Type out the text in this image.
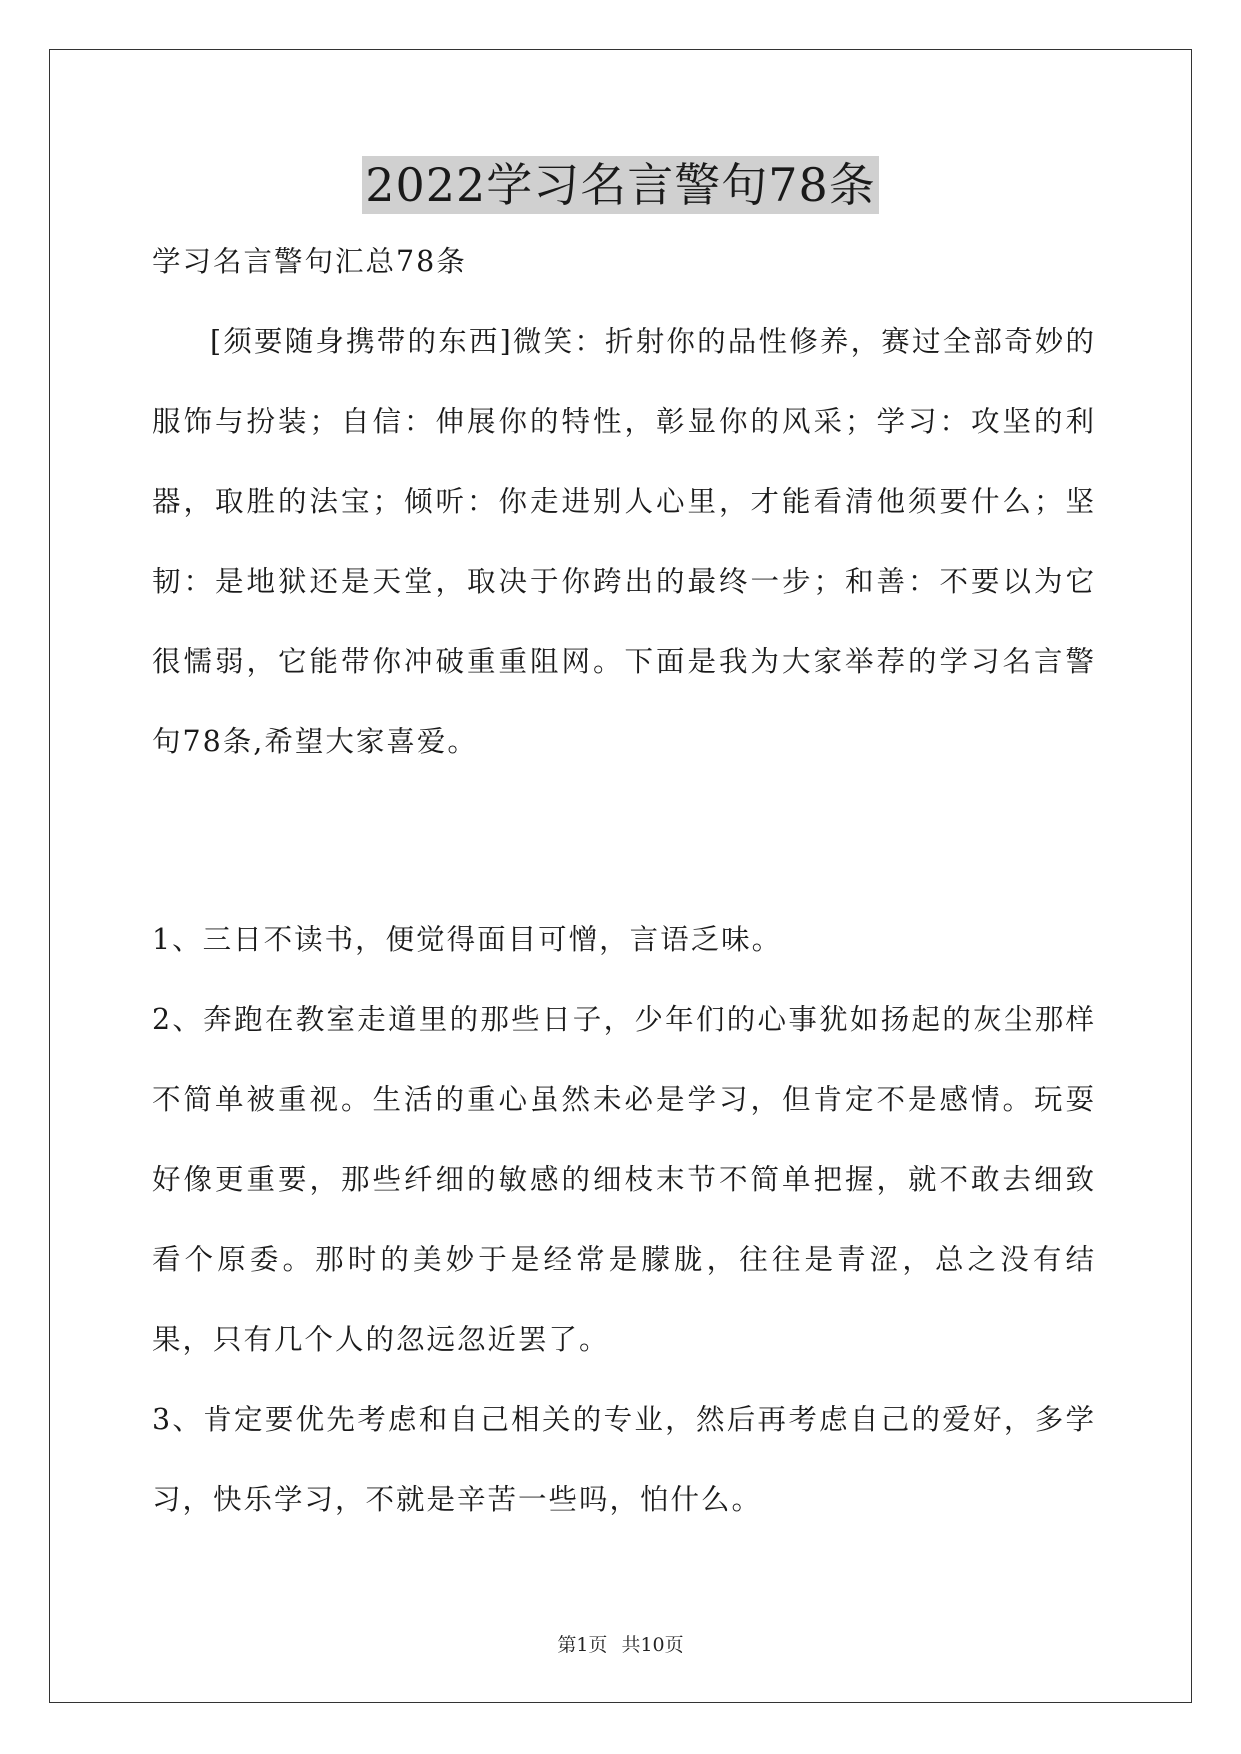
2022学习名言警句78条
学习名言警句汇总78条

[须要随身携带的东西]微笑：折射你的品性修养，赛过全部奇妙的服饰与扮装；自信：伸展你的特性，彰显你的风采；学习：攻坚的利器，取胜的法宝；倾听：你走进别人心里，才能看清他须要什么；坚韧：是地狱还是天堂，取决于你跨出的最终一步；和善：不要以为它很懦弱，它能带你冲破重重阻网。下面是我为大家举荐的学习名言警句78条,希望大家喜爱。

1、三日不读书，便觉得面目可憎，言语乏味。

2、奔跑在教室走道里的那些日子，少年们的心事犹如扬起的灰尘那样不简单被重视。生活的重心虽然未必是学习，但肯定不是感情。玩耍好像更重要，那些纤细的敏感的细枝末节不简单把握，就不敢去细致看个原委。那时的美妙于是经常是朦胧，往往是青涩，总之没有结果，只有几个人的忽远忽近罢了。

3、肯定要优先考虑和自己相关的专业，然后再考虑自己的爱好，多学习，快乐学习，不就是辛苦一些吗，怕什么。

第1页 共10页
